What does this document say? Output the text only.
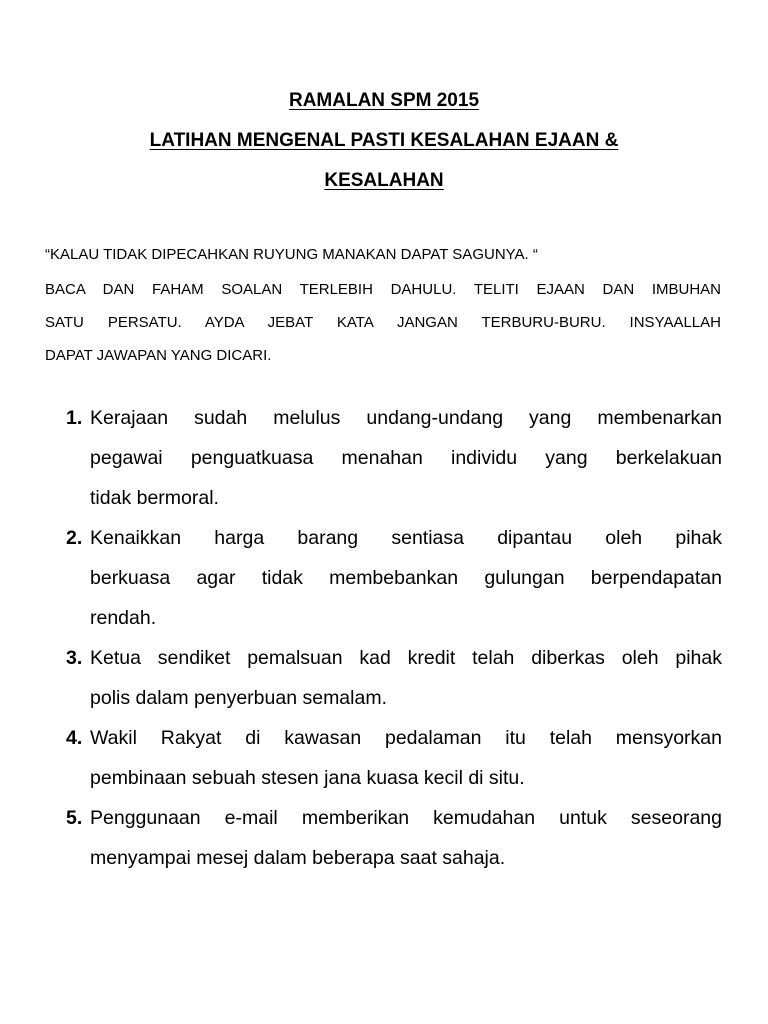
RAMALAN SPM 2015
LATIHAN MENGENAL PASTI KESALAHAN EJAAN &
KESALAHAN
“KALAU TIDAK DIPECAHKAN RUYUNG MANAKAN DAPAT SAGUNYA. “
BACA DAN FAHAM SOALAN TERLEBIH DAHULU. TELITI EJAAN DAN IMBUHAN
SATU PERSATU. AYDA JEBAT KATA JANGAN TERBURU-BURU. INSYAALLAH
DAPAT JAWAPAN YANG DICARI.
1. Kerajaan sudah melulus undang-undang yang membenarkan
pegawai penguatkuasa menahan individu yang berkelakuan
tidak bermoral.
2. Kenaikkan harga barang sentiasa dipantau oleh pihak
berkuasa agar tidak membebankan gulungan berpendapatan
rendah.
3. Ketua sendiket pemalsuan kad kredit telah diberkas oleh pihak
polis dalam penyerbuan semalam.
4. Wakil Rakyat di kawasan pedalaman itu telah mensyorkan
pembinaan sebuah stesen jana kuasa kecil di situ.
5. Penggunaan e-mail memberikan kemudahan untuk seseorang
menyampai mesej dalam beberapa saat sahaja.
